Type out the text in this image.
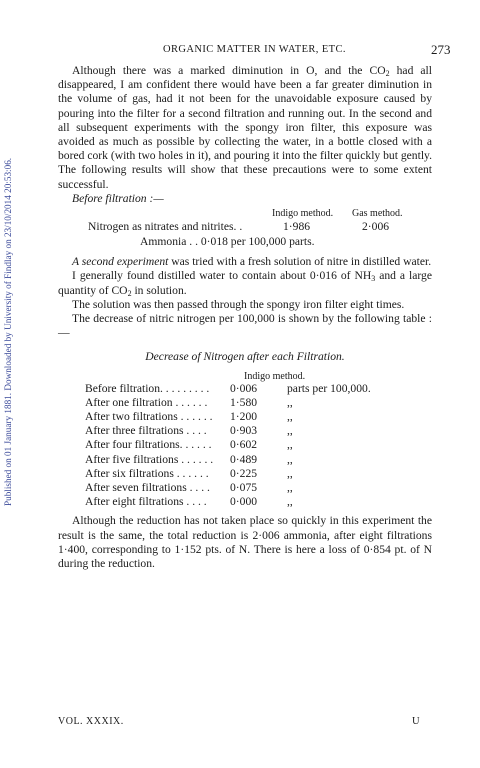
Published on 01 January 1881. Downloaded by University of Findlay on 23/10/2014 20:53:06.
ORGANIC MATTER IN WATER, ETC.	273

Although there was a marked diminution in O, and the $CO_2$ had all disappeared, I am confident there would have been a far greater diminution in the volume of gas, had it not been for the unavoidable exposure caused by pouring into the filter for a second filtration and running out. In the second and all subsequent experiments with the spongy iron filter, this exposure was avoided as much as possible by collecting the water, in a bottle closed with a bored cork (with two holes in it), and pouring it into the filter quickly but gently. The following results will show that these precautions were to some extent successful.

Before filtration :—
Indigo method. Gas method.
Nitrogen as nitrates and nitrites. .	1·986	2·006
Ammonia . . 0·018 per 100,000 parts.

A second experiment was tried with a fresh solution of nitre in distilled water.

I generally found distilled water to contain about 0·016 of $NH_3$ and a large quantity of $CO_2$ in solution.

The solution was then passed through the spongy iron filter eight times.

The decrease of nitric nitrogen per 100,000 is shown by the following table :—

Decrease of Nitrogen after each Filtration.
Indigo method.
Before filtration. . . . . . . . . 0·006	parts per 100,000.
After one filtration . . . . . . 1·580	,,
After two filtrations . . . . . . 1·200	,,
After three filtrations . . . . 0·903	,,
After four filtrations. . . . . . 0·602	,,
After five filtrations . . . . . . 0·489	,,
After six filtrations . . . . . . 0·225	,,
After seven filtrations . . . . 0·075	,,
After eight filtrations . . . . 0·000	,,

Although the reduction has not taken place so quickly in this experiment the result is the same, the total reduction is 2·006 ammonia, after eight filtrations 1·400, corresponding to 1·152 pts. of N. There is here a loss of 0·854 pt. of N during the reduction.

VOL. XXXIX.	U
